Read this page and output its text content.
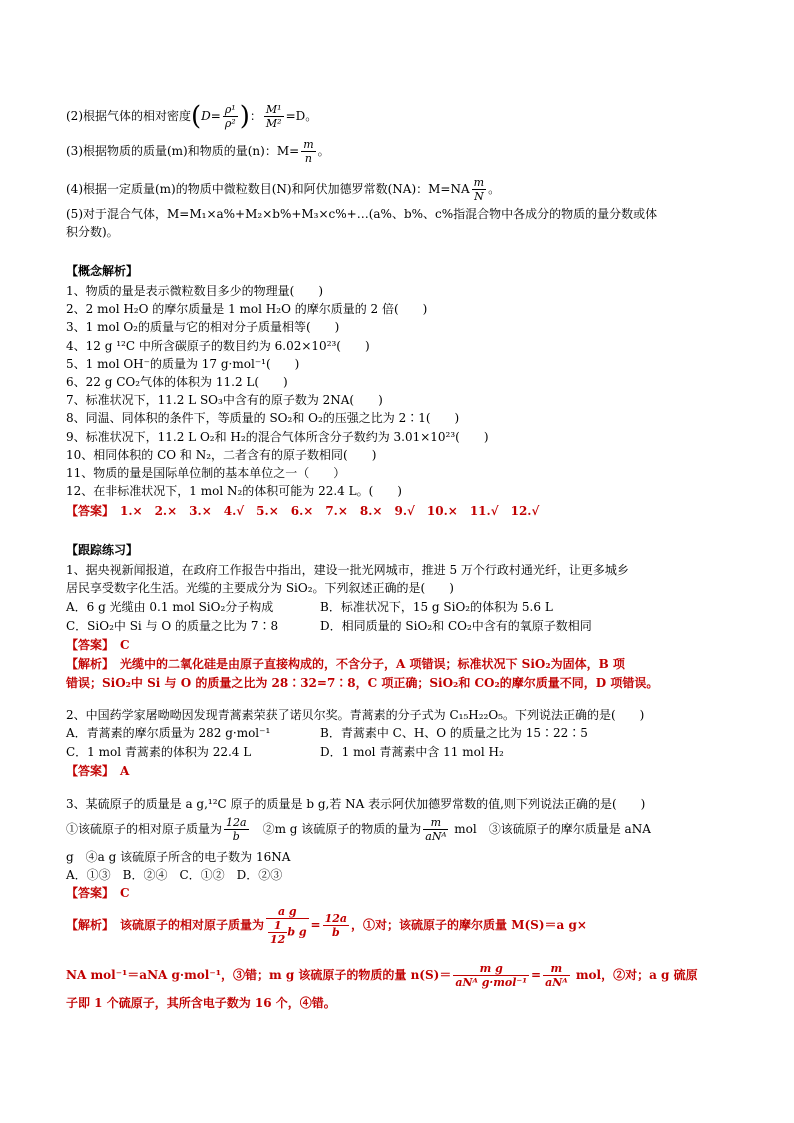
(2)根据气体的相对密度($D= \frac{\text{ρ¹}}{\text{ρ²}}$ )： $\frac{\text{M¹}}{\text{M²}} =D$。
(3)根据物质的质量(m)和物质的量(n)：$M= \frac{m}{n}$ 。
(4)根据一定质量(m)的物质中微粒数目(N)和阿伏加德罗常数(NA)：$M=NA \frac{m}{N}$ 。
(5)对于混合气体，M=M₁×a%+M₂×b%+M₃×c%+…(a%、b%、c%指混合物中各成分的物质的量分数或体
积分数)。
【概念解析】
1、物质的量是表示微粒数目多少的物理量(　　)
2、2 mol H₂O 的摩尔质量是 1 mol H₂O 的摩尔质量的 2 倍(　　)
3、1 mol O₂的质量与它的相对分子质量相等(　　)
4、12 g ¹²C 中所含碳原子的数目约为 6.02×10²³(　　)
5、1 mol OH⁻的质量为 17 g·mol⁻¹(　　)
6、22 g CO₂气体的体积为 11.2 L(　　)
7、标准状况下，11.2 L SO₃中含有的原子数为 2NA(　　)
8、同温、同体积的条件下，等质量的 SO₂和 O₂的压强之比为 2∶1(　　)
9、标准状况下，11.2 L O₂和 H₂的混合气体所含分子数约为 3.01×10²³(　　)
10、相同体积的 CO 和 N₂，二者含有的原子数相同(　　)
11、物质的量是国际单位制的基本单位之一（　　）
12、在非标准状况下，1 mol N₂的体积可能为 22.4 L。(　　)
【答案】　1.×　2.×　3.×　4.√　5.×　6.×　7.×　8.×　9.√　10.×　11.√　12.√
【跟踪练习】
1、据央视新闻报道，在政府工作报告中指出，建设一批光网城市，推进 5 万个行政村通光纤，让更多城乡
居民享受数字化生活。光缆的主要成分为 SiO₂。下列叙述正确的是(　　)
A．6 g 光缆由 0.1 mol SiO₂分子构成	B．标准状况下，15 g SiO₂的体积为 5.6 L
C．SiO₂中 Si 与 O 的质量之比为 7∶8	D．相同质量的 SiO₂和 CO₂中含有的氧原子数相同
【答案】　C
【解析】　光缆中的二氧化硅是由原子直接构成的，不含分子，A 项错误；标准状况下 SiO₂为固体，B 项
错误；SiO₂中 Si 与 O 的质量之比为 28∶32=7∶8，C 项正确；SiO₂和 CO₂的摩尔质量不同，D 项错误。
2、中国药学家屠呦呦因发现青蒿素荣获了诺贝尔奖。青蒿素的分子式为 C₁₅H₂₂O₅。下列说法正确的是(　　)
A．青蒿素的摩尔质量为 282 g·mol⁻¹	B．青蒿素中 C、H、O 的质量之比为 15∶22∶5
C．1 mol 青蒿素的体积为 22.4 L	D．1 mol 青蒿素中含 11 mol H₂
【答案】　A
3、某硫原子的质量是 a g,¹²C 原子的质量是 b g,若 NA 表示阿伏加德罗常数的值,则下列说法正确的是(　　)
①该硫原子的相对原子质量为 $\frac{12a}{b}$ 　②m g 该硫原子的物质的量为 $\frac{m}{\text{aNᴬ}}$ mol　③该硫原子的摩尔质量是 aNA
g　④a g 该硫原子所含的电子数为 16NA
A．①③　B．②④　C．①②　D．②③
【答案】　C
【解析】　该硫原子的相对原子质量为 $\frac{\text{a g}}{\frac{1}{12} b g} = \frac{12a}{b}$ ，①对；该硫原子的摩尔质量 M(S)＝a g×
NA mol⁻¹＝aNA g·mol⁻¹，③错；m g 该硫原子的物质的量 $n(S)= \frac{\text{m g}}{\text{aNᴬ g·mol⁻¹}} = \frac{m}{\text{aNᴬ}}$ mol，②对；a g 硫原
子即 1 个硫原子，其所含电子数为 16 个，④错。
